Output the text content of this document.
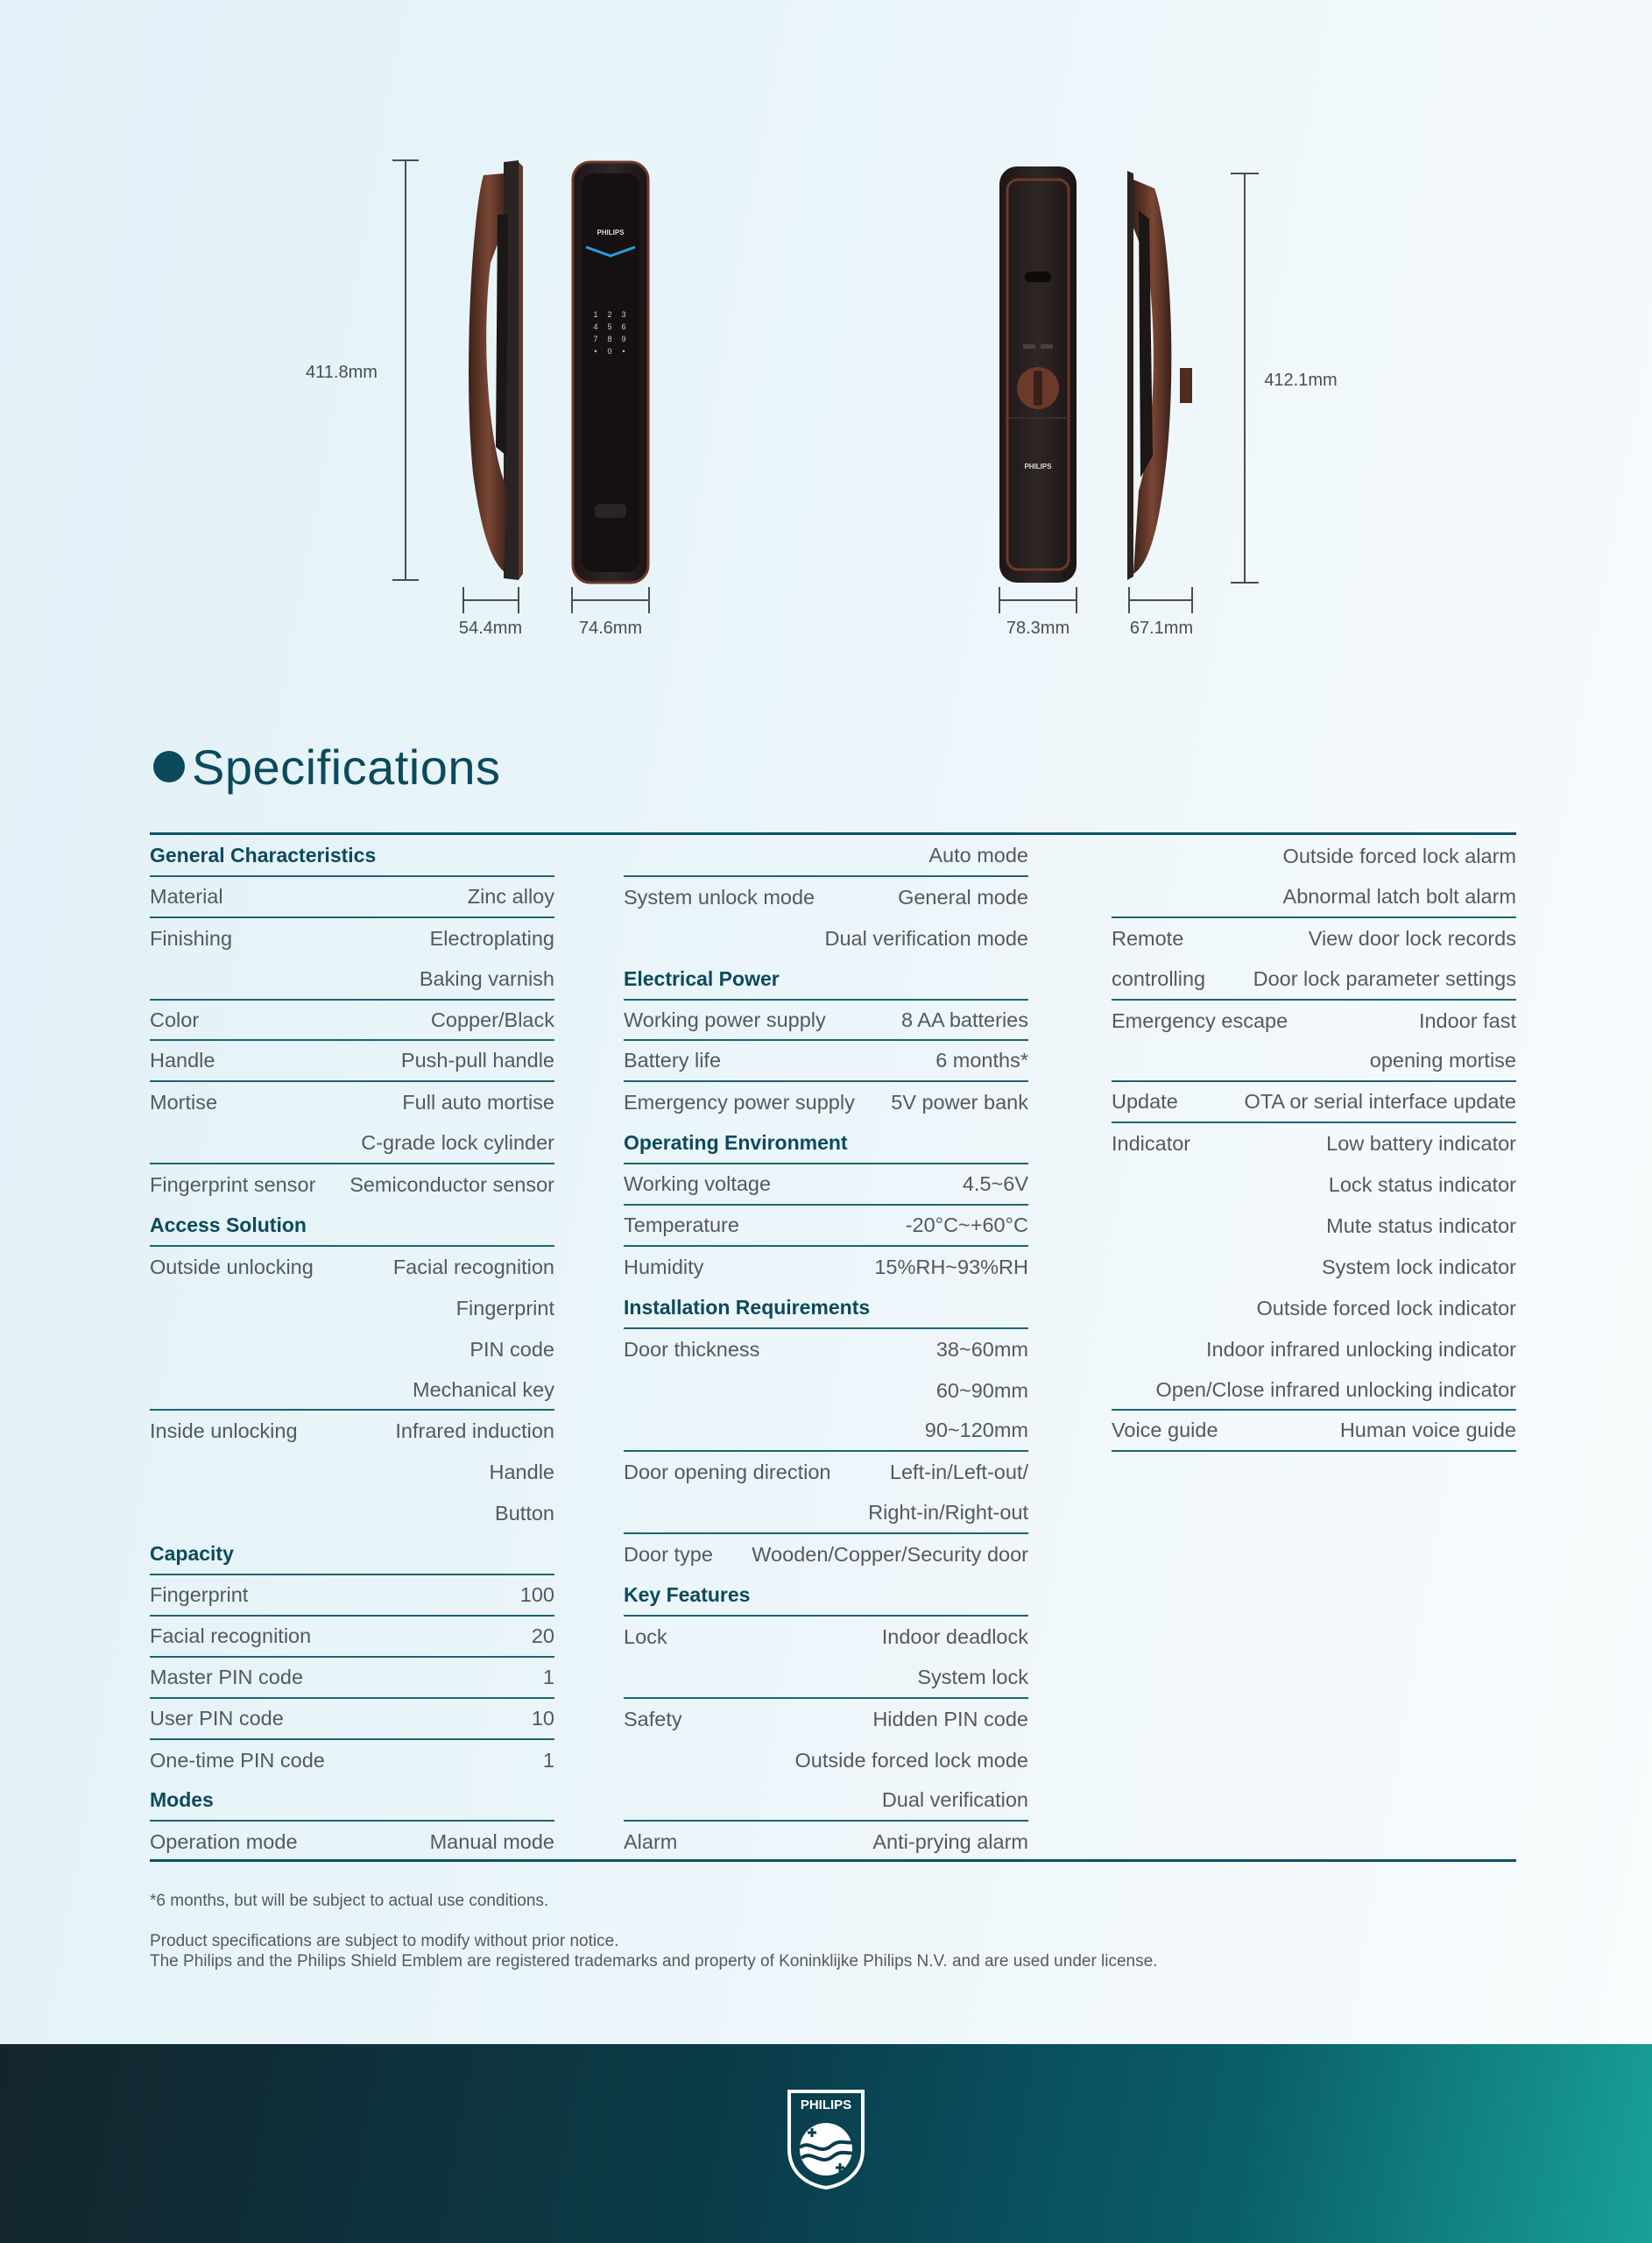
411.8mm
PHILIPS
1 2 3
4 5 6
7 8 9
• 0 •
54.4mm	74.6mm
PHILIPS
78.3mm	67.1mm
412.1mm
Specifications
General Characteristics
Material	Zinc alloy
Finishing	Electroplating
Baking varnish
Color	Copper/Black
Handle	Push-pull handle
Mortise	Full auto mortise
C-grade lock cylinder
Fingerprint sensor Semiconductor sensor
Access Solution
Outside unlocking	Facial recognition
Fingerprint
PIN code
Mechanical key
Inside unlocking	Infrared induction
Handle
Button
Capacity
Fingerprint	100
Facial recognition	20
Master PIN code	1
User PIN code	10
One-time PIN code	1
Modes
Operation mode	Manual mode
Auto mode
System unlock mode	General mode
Dual verification mode
Electrical Power
Working power supply	8 AA batteries
Battery life	6 months*
Emergency power supply 5V power bank
Operating Environment
Working voltage	4.5~6V
Temperature	-20°C~+60°C
Humidity	15%RH~93%RH
Installation Requirements
Door thickness	38~60mm
60~90mm
90~120mm
Door opening direction	Left-in/Left-out/
Right-in/Right-out
Door type Wooden/Copper/Security door
Key Features
Lock	Indoor deadlock
System lock
Safety	Hidden PIN code
Outside forced lock mode
Dual verification
Alarm	Anti-prying alarm
Outside forced lock alarm
Abnormal latch bolt alarm
Remote	View door lock records
controlling Door lock parameter settings
Emergency escape	Indoor fast
opening mortise
Update	OTA or serial interface update
Indicator	Low battery indicator
Lock status indicator
Mute status indicator
System lock indicator
Outside forced lock indicator
Indoor infrared unlocking indicator
Open/Close infrared unlocking indicator
Voice guide	Human voice guide
*6 months, but will be subject to actual use conditions.
Product specifications are subject to modify without prior notice.
The Philips and the Philips Shield Emblem are registered trademarks and property of Koninklijke Philips N.V. and are used under license.
PHILIPS
